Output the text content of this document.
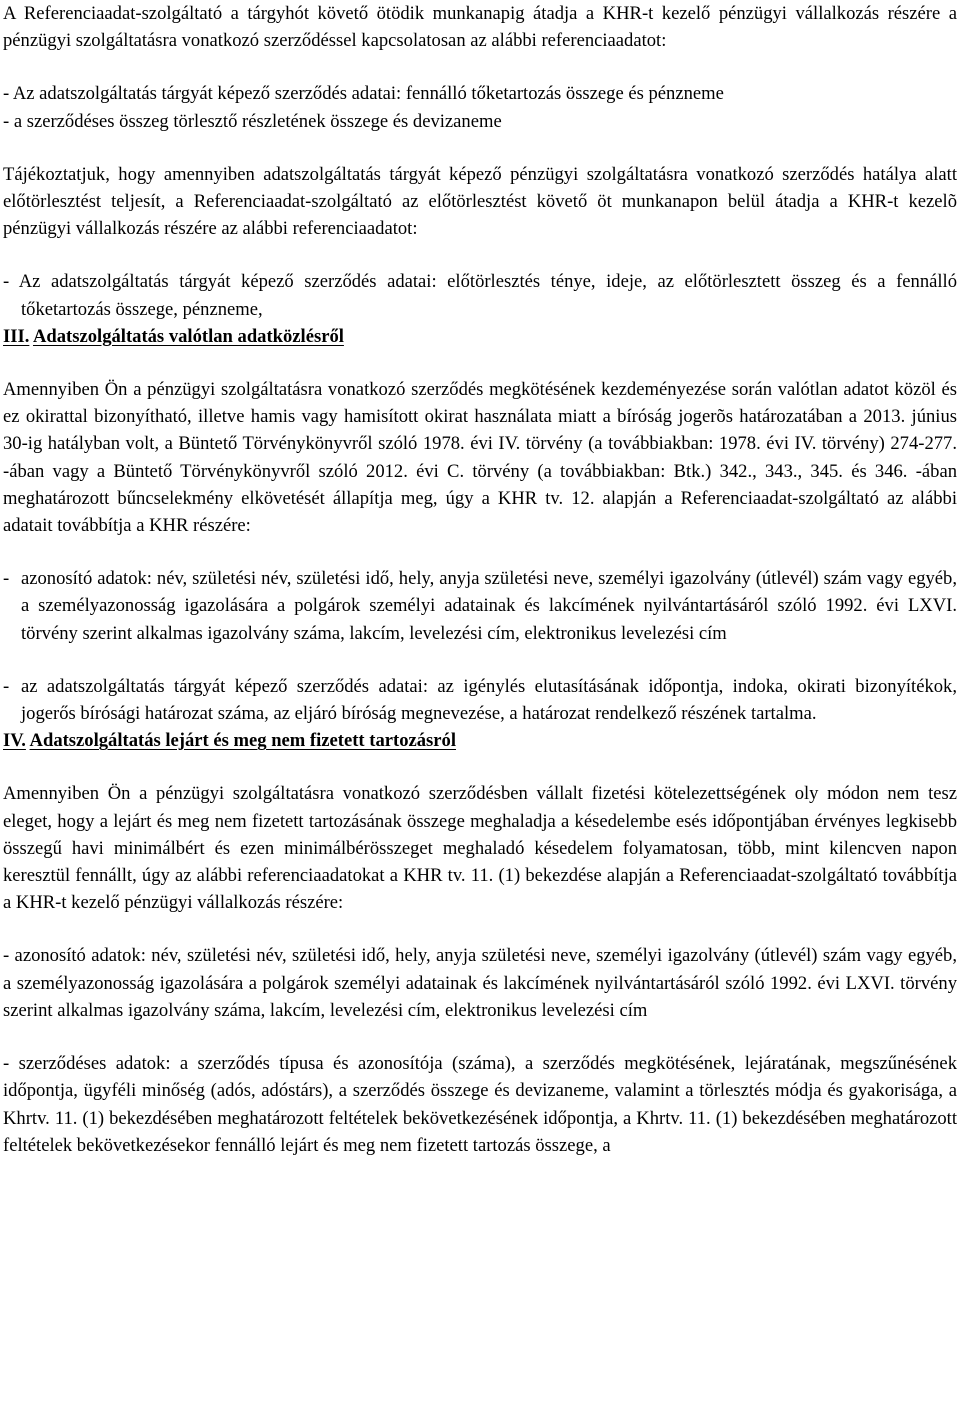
A Referenciaadat-szolgáltató a tárgyhót követő ötödik munkanapig átadja a KHR-t kezelő pénzügyi vállalkozás részére a pénzügyi szolgáltatásra vonatkozó szerződéssel kapcsolatosan az alábbi referenciaadatot:

- Az adatszolgáltatás tárgyát képező szerződés adatai: fennálló tőketartozás összege és pénzneme
- a szerződéses összeg törlesztő részletének összege és devizaneme

Tájékoztatjuk, hogy amennyiben adatszolgáltatás tárgyát képező pénzügyi szolgáltatásra vonatkozó szerződés hatálya alatt előtörlesztést teljesít, a Referenciaadat-szolgáltató az előtörlesztést követő öt munkanapon belül átadja a KHR-t kezelõ pénzügyi vállalkozás részére az alábbi referenciaadatot:

- Az adatszolgáltatás tárgyát képező szerződés adatai: előtörlesztés ténye, ideje, az előtörlesztett összeg és a fennálló tőketartozás összege, pénzneme,

III. Adatszolgáltatás valótlan adatközlésről

Amennyiben Ön a pénzügyi szolgáltatásra vonatkozó szerződés megkötésének kezdeményezése során valótlan adatot közöl és ez okirattal bizonyítható, illetve hamis vagy hamisított okirat használata miatt a bíróság jogerõs határozatában a 2013. június 30-ig hatályban volt, a Büntető Törvénykönyvről szóló 1978. évi IV. törvény (a továbbiakban: 1978. évi IV. törvény) 274-277. -ában vagy a Büntető Törvénykönyvről szóló 2012. évi C. törvény (a továbbiakban: Btk.) 342., 343., 345. és 346. -ában meghatározott bűncselekmény elkövetését állapítja meg, úgy a KHR tv. 12. alapján a Referenciaadat-szolgáltató az alábbi adatait továbbítja a KHR részére:

- azonosító adatok: név, születési név, születési idő, hely, anyja születési neve, személyi igazolvány (útlevél) szám vagy egyéb, a személyazonosság igazolására a polgárok személyi adatainak és lakcímének nyilvántartásáról szóló 1992. évi LXVI. törvény szerint alkalmas igazolvány száma, lakcím, levelezési cím, elektronikus levelezési cím
- az adatszolgáltatás tárgyát képező szerződés adatai: az igénylés elutasításának időpontja, indoka, okirati bizonyítékok, jogerős bírósági határozat száma, az eljáró bíróság megnevezése, a határozat rendelkező részének tartalma.

IV. Adatszolgáltatás lejárt és meg nem fizetett tartozásról

Amennyiben Ön a pénzügyi szolgáltatásra vonatkozó szerződésben vállalt fizetési kötelezettségének oly módon nem tesz eleget, hogy a lejárt és meg nem fizetett tartozásának összege meghaladja a késedelembe esés időpontjában érvényes legkisebb összegű havi minimálbért és ezen minimálbérösszeget meghaladó késedelem folyamatosan, több, mint kilencven napon keresztül fennállt, úgy az alábbi referenciaadatokat a KHR tv. 11. (1) bekezdése alapján a Referenciaadat-szolgáltató továbbítja a KHR-t kezelő pénzügyi vállalkozás részére:

- azonosító adatok: név, születési név, születési idő, hely, anyja születési neve, személyi igazolvány (útlevél) szám vagy egyéb, a személyazonosság igazolására a polgárok személyi adatainak és lakcímének nyilvántartásáról szóló 1992. évi LXVI. törvény szerint alkalmas igazolvány száma, lakcím, levelezési cím, elektronikus levelezési cím

- szerződéses adatok: a szerződés típusa és azonosítója (száma), a szerződés megkötésének, lejáratának, megszűnésének időpontja, ügyféli minőség (adós, adóstárs), a szerződés összege és devizaneme, valamint a törlesztés módja és gyakorisága, a Khrtv. 11. (1) bekezdésében meghatározott feltételek bekövetkezésének időpontja, a Khrtv. 11. (1) bekezdésében meghatározott feltételek bekövetkezésekor fennálló lejárt és meg nem fizetett tartozás összege, a
